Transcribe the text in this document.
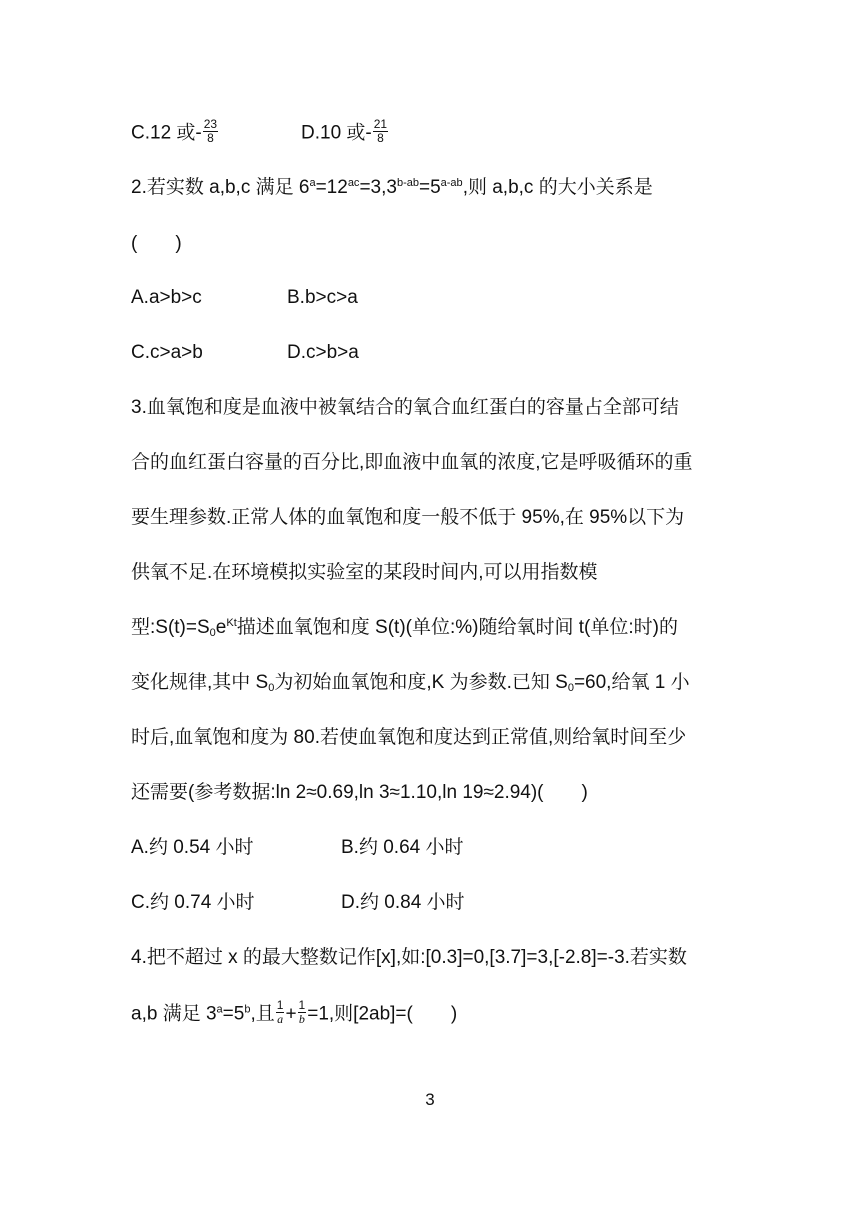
C.12 或- $\frac{23}{8}$	D.10 或- $\frac{21}{8}$
2.若实数 a,b,c 满足 $6^a=12^{ac}=3,3^{b-ab}=5^{a-ab}$,则 a,b,c 的大小关系是
(　　)
A.a>b>c	B.b>c>a
C.c>a>b	D.c>b>a
3.血氧饱和度是血液中被氧结合的氧合血红蛋白的容量占全部可结
合的血红蛋白容量的百分比,即血液中血氧的浓度,它是呼吸循环的重
要生理参数.正常人体的血氧饱和度一般不低于 95%,在 95%以下为
供氧不足.在环境模拟实验室的某段时间内,可以用指数模
型$:S(t)=S_0e^{Kt}$描述血氧饱和度 S(t)(单位:%)随给氧时间 t(单位:时)的
变化规律,其中 $S_0$为初始血氧饱和度,K 为参数.已知 $S_0=60$,给氧 1 小
时后,血氧饱和度为 80.若使血氧饱和度达到正常值,则给氧时间至少
还需要(参考数据:ln 2≈0.69,ln 3≈1.10,ln 19≈2.94)(　　)
A.约 0.54 小时	B.约 0.64 小时
C.约 0.74 小时	D.约 0.84 小时
4.把不超过 x 的最大整数记作[x],如:[0.3]=0,[3.7]=3,[-2.8]=-3.若实数
a,b 满足 $3^a=5^b$,且 $\frac{1}{a} + \frac{1}{b} =1$,则[2ab]=(　　)
3
